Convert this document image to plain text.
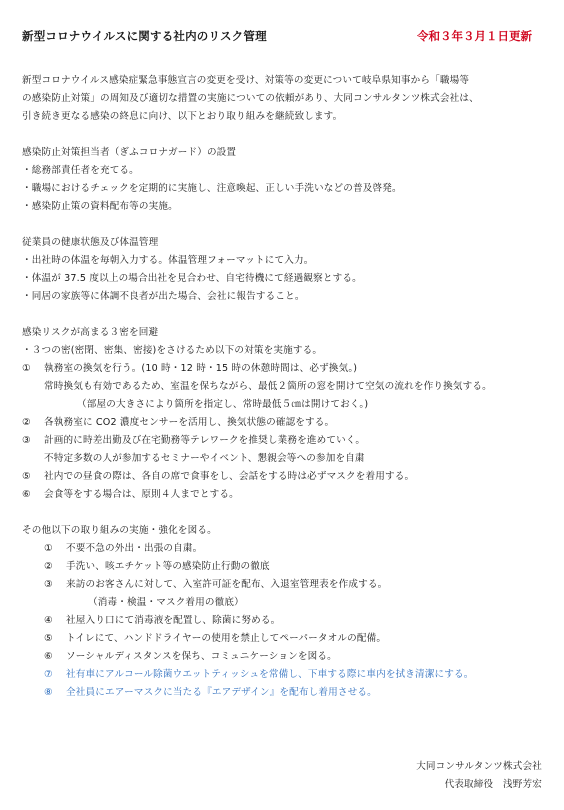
新型コロナウイルスに関する社内のリスク管理	令和３年３月１日更新
新型コロナウイルス感染症緊急事態宣言の変更を受け、対策等の変更について岐阜県知事から「職場等
の感染防止対策」の周知及び適切な措置の実施についての依頼があり、大同コンサルタンツ株式会社は、
引き続き更なる感染の終息に向け、以下とおり取り組みを継続致します。
感染防止対策担当者（ぎふコロナガード）の設置
・総務部責任者を充てる。
・職場におけるチェックを定期的に実施し、注意喚起、正しい手洗いなどの普及啓発。
・感染防止策の資料配布等の実施。
従業員の健康状態及び体温管理
・出社時の体温を毎朝入力する。体温管理フォーマットにて入力。
・体温が 37.5 度以上の場合出社を見合わせ、自宅待機にて経過観察とする。
・同居の家族等に体調不良者が出た場合、会社に報告すること。
感染リスクが高まる３密を回避
・３つの密(密閉、密集、密接)をさけるため以下の対策を実施する。
① 執務室の換気を行う。(10 時・12 時・15 時の休憩時間は、必ず換気。)
常時換気も有効であるため、室温を保ちながら、最低２箇所の窓を開けて空気の流れを作り換気する。
（部屋の大きさにより箇所を指定し、常時最低５㎝は開けておく。)
② 各執務室に CO2 濃度センサーを活用し、換気状態の確認をする。
③ 計画的に時差出勤及び在宅勤務等テレワークを推奨し業務を進めていく。
不特定多数の人が参加するセミナーやイベント、懇親会等への参加を自粛
⑤ 社内での昼食の際は、各自の席で食事をし、会話をする時は必ずマスクを着用する。
⑥ 会食等をする場合は、原則４人までとする。
その他以下の取り組みの実施・強化を図る。
① 不要不急の外出・出張の自粛。
② 手洗い、咳エチケット等の感染防止行動の徹底
③ 来訪のお客さんに対して、入室許可証を配布、入退室管理表を作成する。
（消毒・検温・マスク着用の徹底）
④ 社屋入り口にて消毒液を配置し、除菌に努める。
⑤ トイレにて、ハンドドライヤーの使用を禁止してペーパータオルの配備。
⑥ ソーシャルディスタンスを保ち、コミュニケーションを図る。
⑦ 社有車にアルコール除菌ウエットティッシュを常備し、下車する際に車内を拭き清潔にする。
⑧ 全社員にエアーマスクに当たる『エアデザイン』を配布し着用させる。
大同コンサルタンツ株式会社
代表取締役　浅野芳宏
